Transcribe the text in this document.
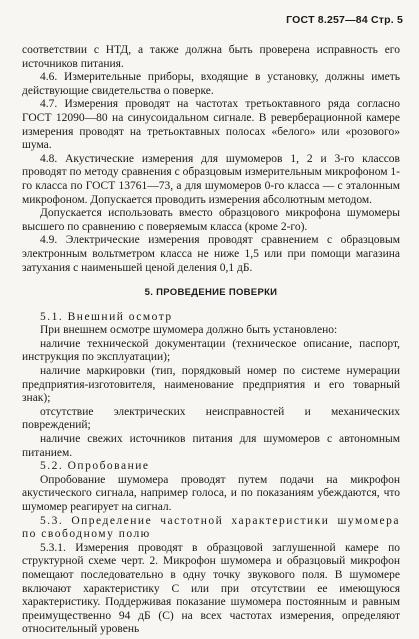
ГОСТ 8.257—84 Стр. 5

соответствии с НТД, а также должна быть проверена исправность его источников питания.

4.6. Измерительные приборы, входящие в установку, должны иметь действующие свидетельства о поверке.

4.7. Измерения проводят на частотах третьоктавного ряда согласно ГОСТ 12090—80 на синусоидальном сигнале. В реверберационной камере измерения проводят на третьоктавных полосах «белого» или «розового» шума.

4.8. Акустические измерения для шумомеров 1, 2 и 3-го классов проводят по методу сравнения с образцовым измерительным микрофоном 1-го класса по ГОСТ 13761—73, а для шумомеров 0-го класса — с эталонным микрофоном. Допускается проводить измерения абсолютным методом.

Допускается использовать вместо образцового микрофона шумомеры высшего по сравнению с поверяемым класса (кроме 2-го).

4.9. Электрические измерения проводят сравнением с образцовым электронным вольтметром класса не ниже 1,5 или при помощи магазина затухания с наименьшей ценой деления 0,1 дБ.

5. ПРОВЕДЕНИЕ ПОВЕРКИ

5.1. Внешний осмотр

При внешнем осмотре шумомера должно быть установлено:

наличие технической документации (техническое описание, паспорт, инструкция по эксплуатации);

наличие маркировки (тип, порядковый номер по системе нумерации предприятия-изготовителя, наименование предприятия и его товарный знак);

отсутствие электрических неисправностей и механических повреждений;

наличие свежих источников питания для шумомеров с автономным питанием.

5.2. Опробование

Опробование шумомера проводят путем подачи на микрофон акустического сигнала, например голоса, и по показаниям убеждаются, что шумомер реагирует на сигнал.

5.3. Определение частотной характеристики шумомера по свободному полю

5.3.1. Измерения проводят в образцовой заглушенной камере по структурной схеме черт. 2. Микрофон шумомера и образцовый микрофон помещают последовательно в одну точку звукового поля. В шумомере включают характеристику С или при отсутствии ее имеющуюся характеристику. Поддерживая показание шумомера постоянным и равным преимущественно 94 дБ (С) на всех частотах измерения, определяют относительный уровень
